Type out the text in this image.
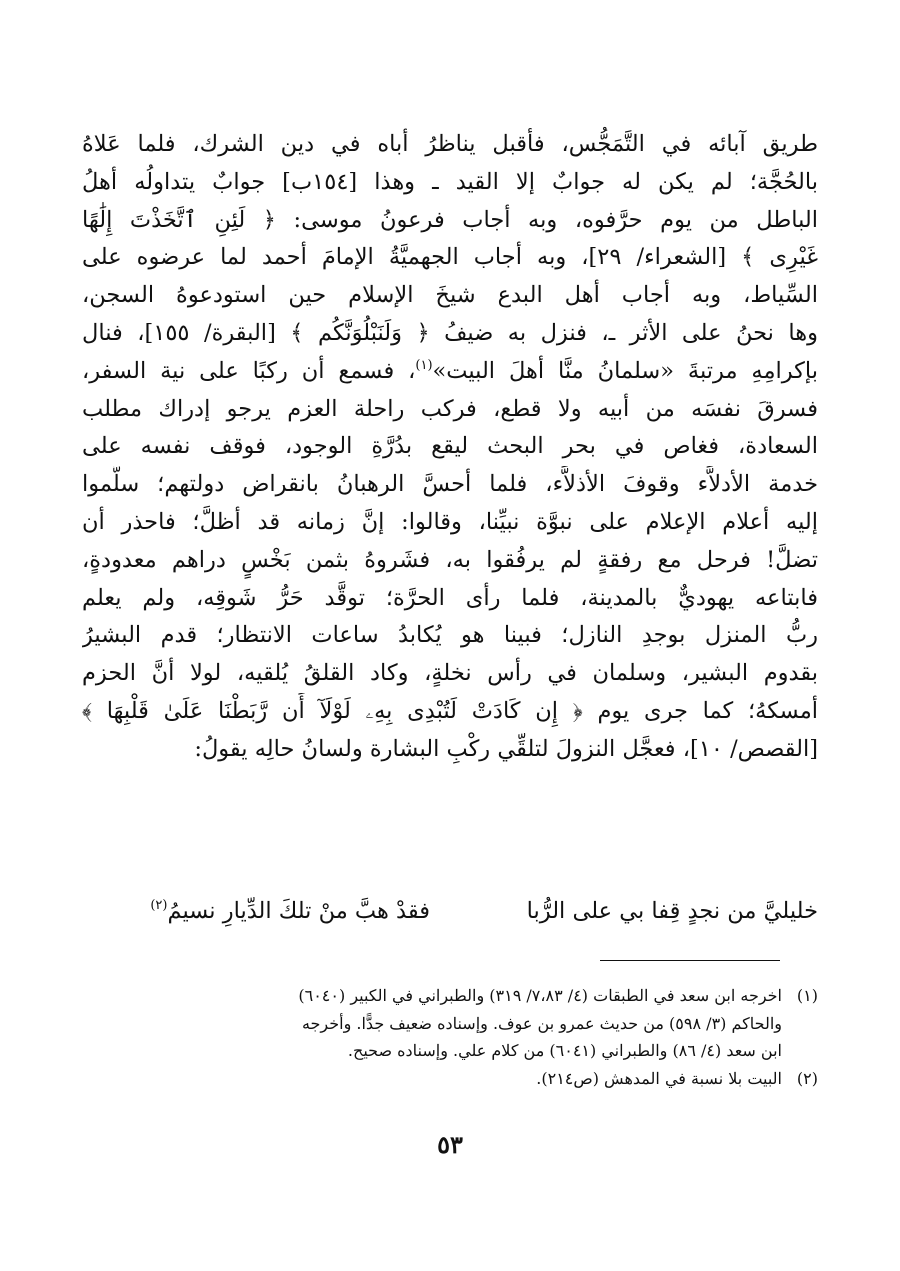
طريق آبائه في التَّمَجُّس، فأقبل يناظرُ أباه في دين الشرك، فلما عَلاهُ
بالحُجَّة؛ لم يكن له جوابٌ إلا القيد ـ وهذا [١٥٤ب] جوابٌ يتداولُه أهلُ
الباطل من يوم حرَّفوه، وبه أجاب فرعونُ موسى: ﴿ لَئِنِ ٱتَّخَذْتَ إِلَٰهًا
غَيْرِى ﴾ [الشعراء/ ٢٩]، وبه أجاب الجهميَّةُ الإمامَ أحمد لما عرضوه على
السِّياط، وبه أجاب أهل البدع شيخَ الإسلام حين استودعوهُ السجن،
وها نحنُ على الأثر ـ، فنزل به ضيفُ ﴿ وَلَنَبْلُوَنَّكُم ﴾ [البقرة/ ١٥٥]، فنال
بإكرامِهِ مرتبةَ «سلمانُ منَّا أهلَ البيت»$^{(١)}$، فسمع أن ركبًا على نية السفر،
فسرقَ نفسَه من أبيه ولا قطع، فركب راحلة العزم يرجو إدراك مطلب
السعادة، فغاص في بحر البحث ليقع بدُرَّةِ الوجود، فوقف نفسه على
خدمة الأدلاَّء وقوفَ الأذلاَّء، فلما أحسَّ الرهبانُ بانقراض دولتهم؛ سلَّموا
إليه أعلام الإعلام على نبوَّة نبيِّنا، وقالوا: إنَّ زمانه قد أظلَّ؛ فاحذر أن
تضلَّ! فرحل مع رفقةٍ لم يرفُقوا به، فشَروهُ بثمن بَخْسٍ دراهم معدودةٍ،
فابتاعه يهوديٌّ بالمدينة، فلما رأى الحرَّة؛ توقَّد حَرُّ شَوقِه، ولم يعلم
ربُّ المنزل بوجدِ النازل؛ فبينا هو يُكابدُ ساعات الانتظار؛ قدم البشيرُ
بقدوم البشير، وسلمان في رأس نخلةٍ، وكاد القلقُ يُلقيه، لولا أنَّ الحزم
أمسكهُ؛ كما جرى يوم ﴿ إِن كَادَتْ لَتُبْدِى بِهِۦ لَوْلَآ أَن رَّبَطْنَا عَلَىٰ قَلْبِهَا ﴾
[القصص/ ١٠]، فعجَّل النزولَ لتلقِّي ركْبِ البشارة ولسانُ حالِه يقولُ:
خليليَّ من نجدٍ قِفا بي على الرُّبا
فقدْ هبَّ منْ تلكَ الدِّيارِ نسيمُ$^{(٢)}$
(١)اخرجه ابن سعد في الطبقات (٤/ ٧،٨٣/ ٣١٩) والطبراني في الكبير (٦٠٤٠)
والحاكم (٣/ ٥٩٨) من حديث عمرو بن عوف. وإسناده ضعيف جدًّا. وأخرجه
ابن سعد (٤/ ٨٦) والطبراني (٦٠٤١) من كلام علي. وإسناده صحيح.
(٢)البيت بلا نسبة في المدهش (ص٢١٤).
٥٣
